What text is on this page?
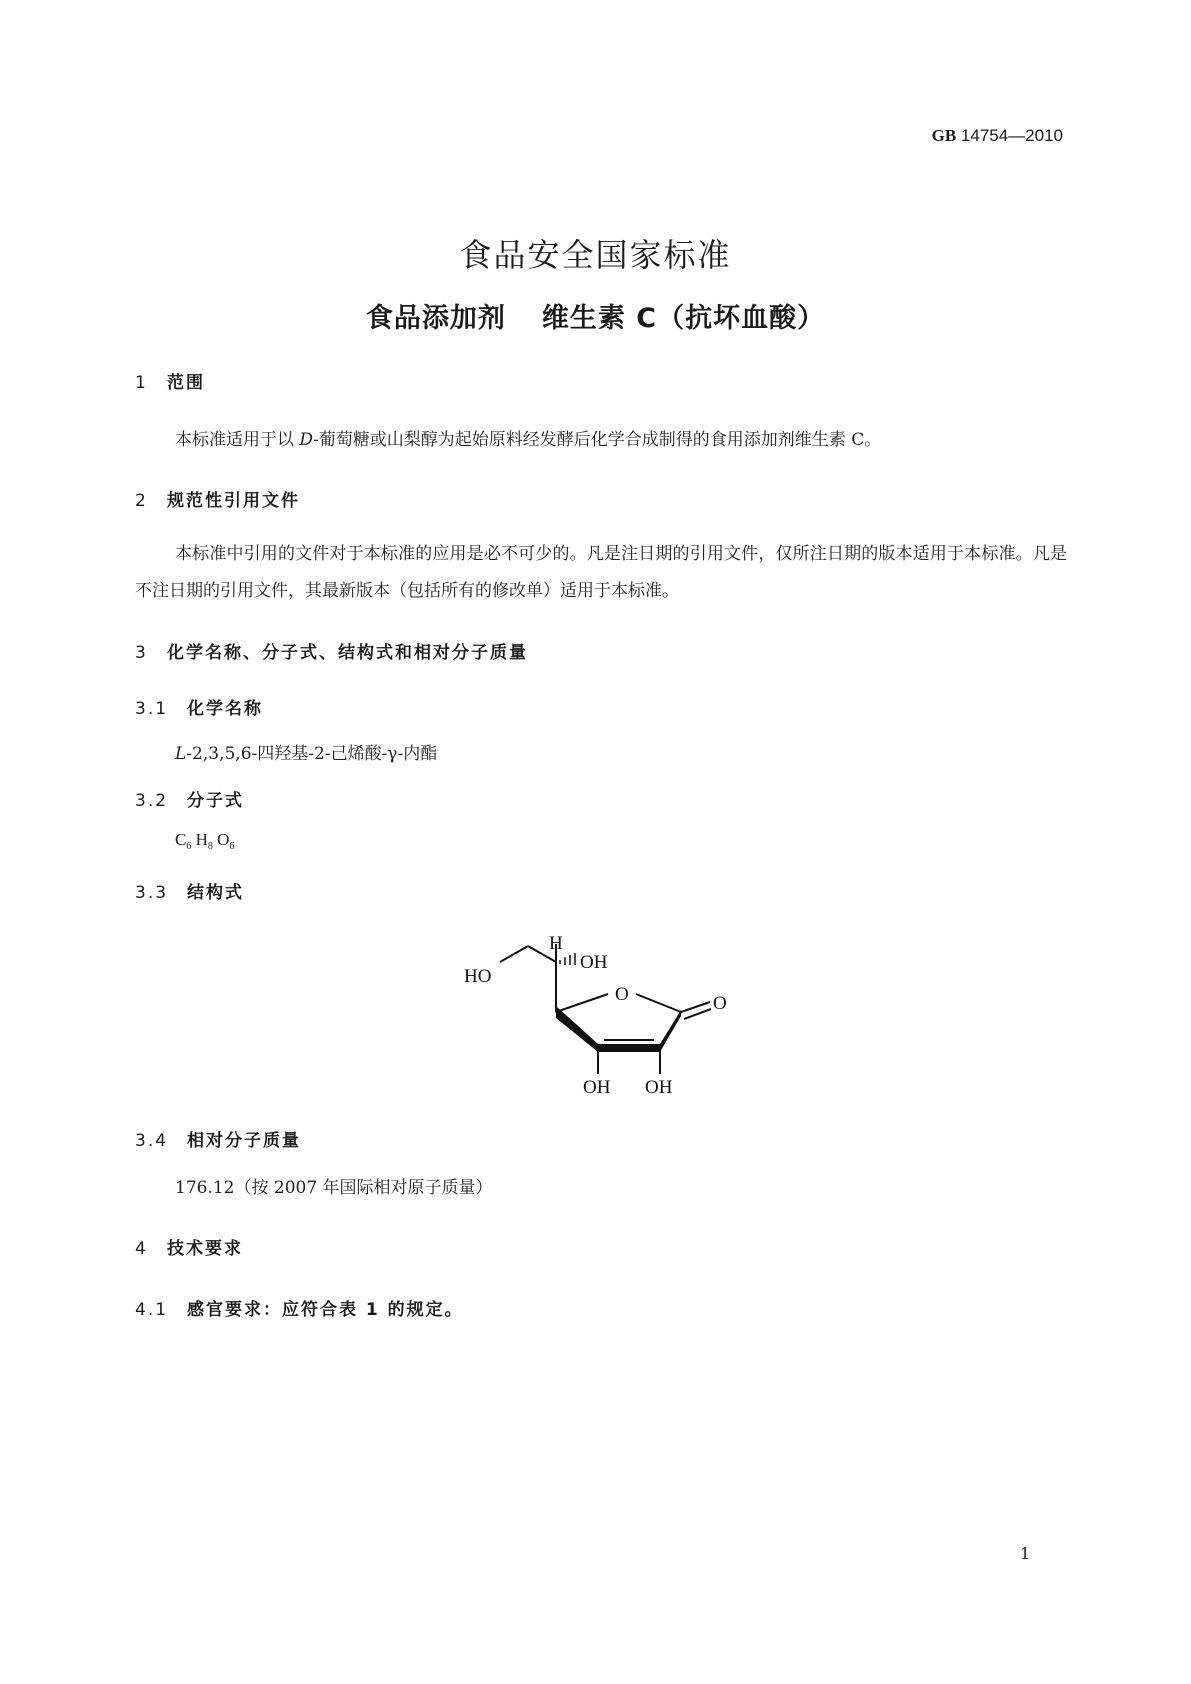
GB 14754—2010
食品安全国家标准
食品添加剂 维生素 C（抗坏血酸）
1 范围
本标准适用于以 D-葡萄糖或山梨醇为起始原料经发酵后化学合成制得的食用添加剂维生素 C。
2 规范性引用文件
本标准中引用的文件对于本标准的应用是必不可少的。凡是注日期的引用文件，仅所注日期的版本适用于本标准。凡是不注日期的引用文件，其最新版本（包括所有的修改单）适用于本标准。
3 化学名称、分子式、结构式和相对分子质量
3.1 化学名称
L-2,3,5,6-四羟基-2-己烯酸-γ-内酯
3.2 分子式
$C_6$ $H_8$ $O_6$
3.3 结构式
H
OH
HO
O	O
OH OH
3.4 相对分子质量
176.12（按 2007 年国际相对原子质量）
4 技术要求
4.1 感官要求：应符合表 1 的规定。
1
